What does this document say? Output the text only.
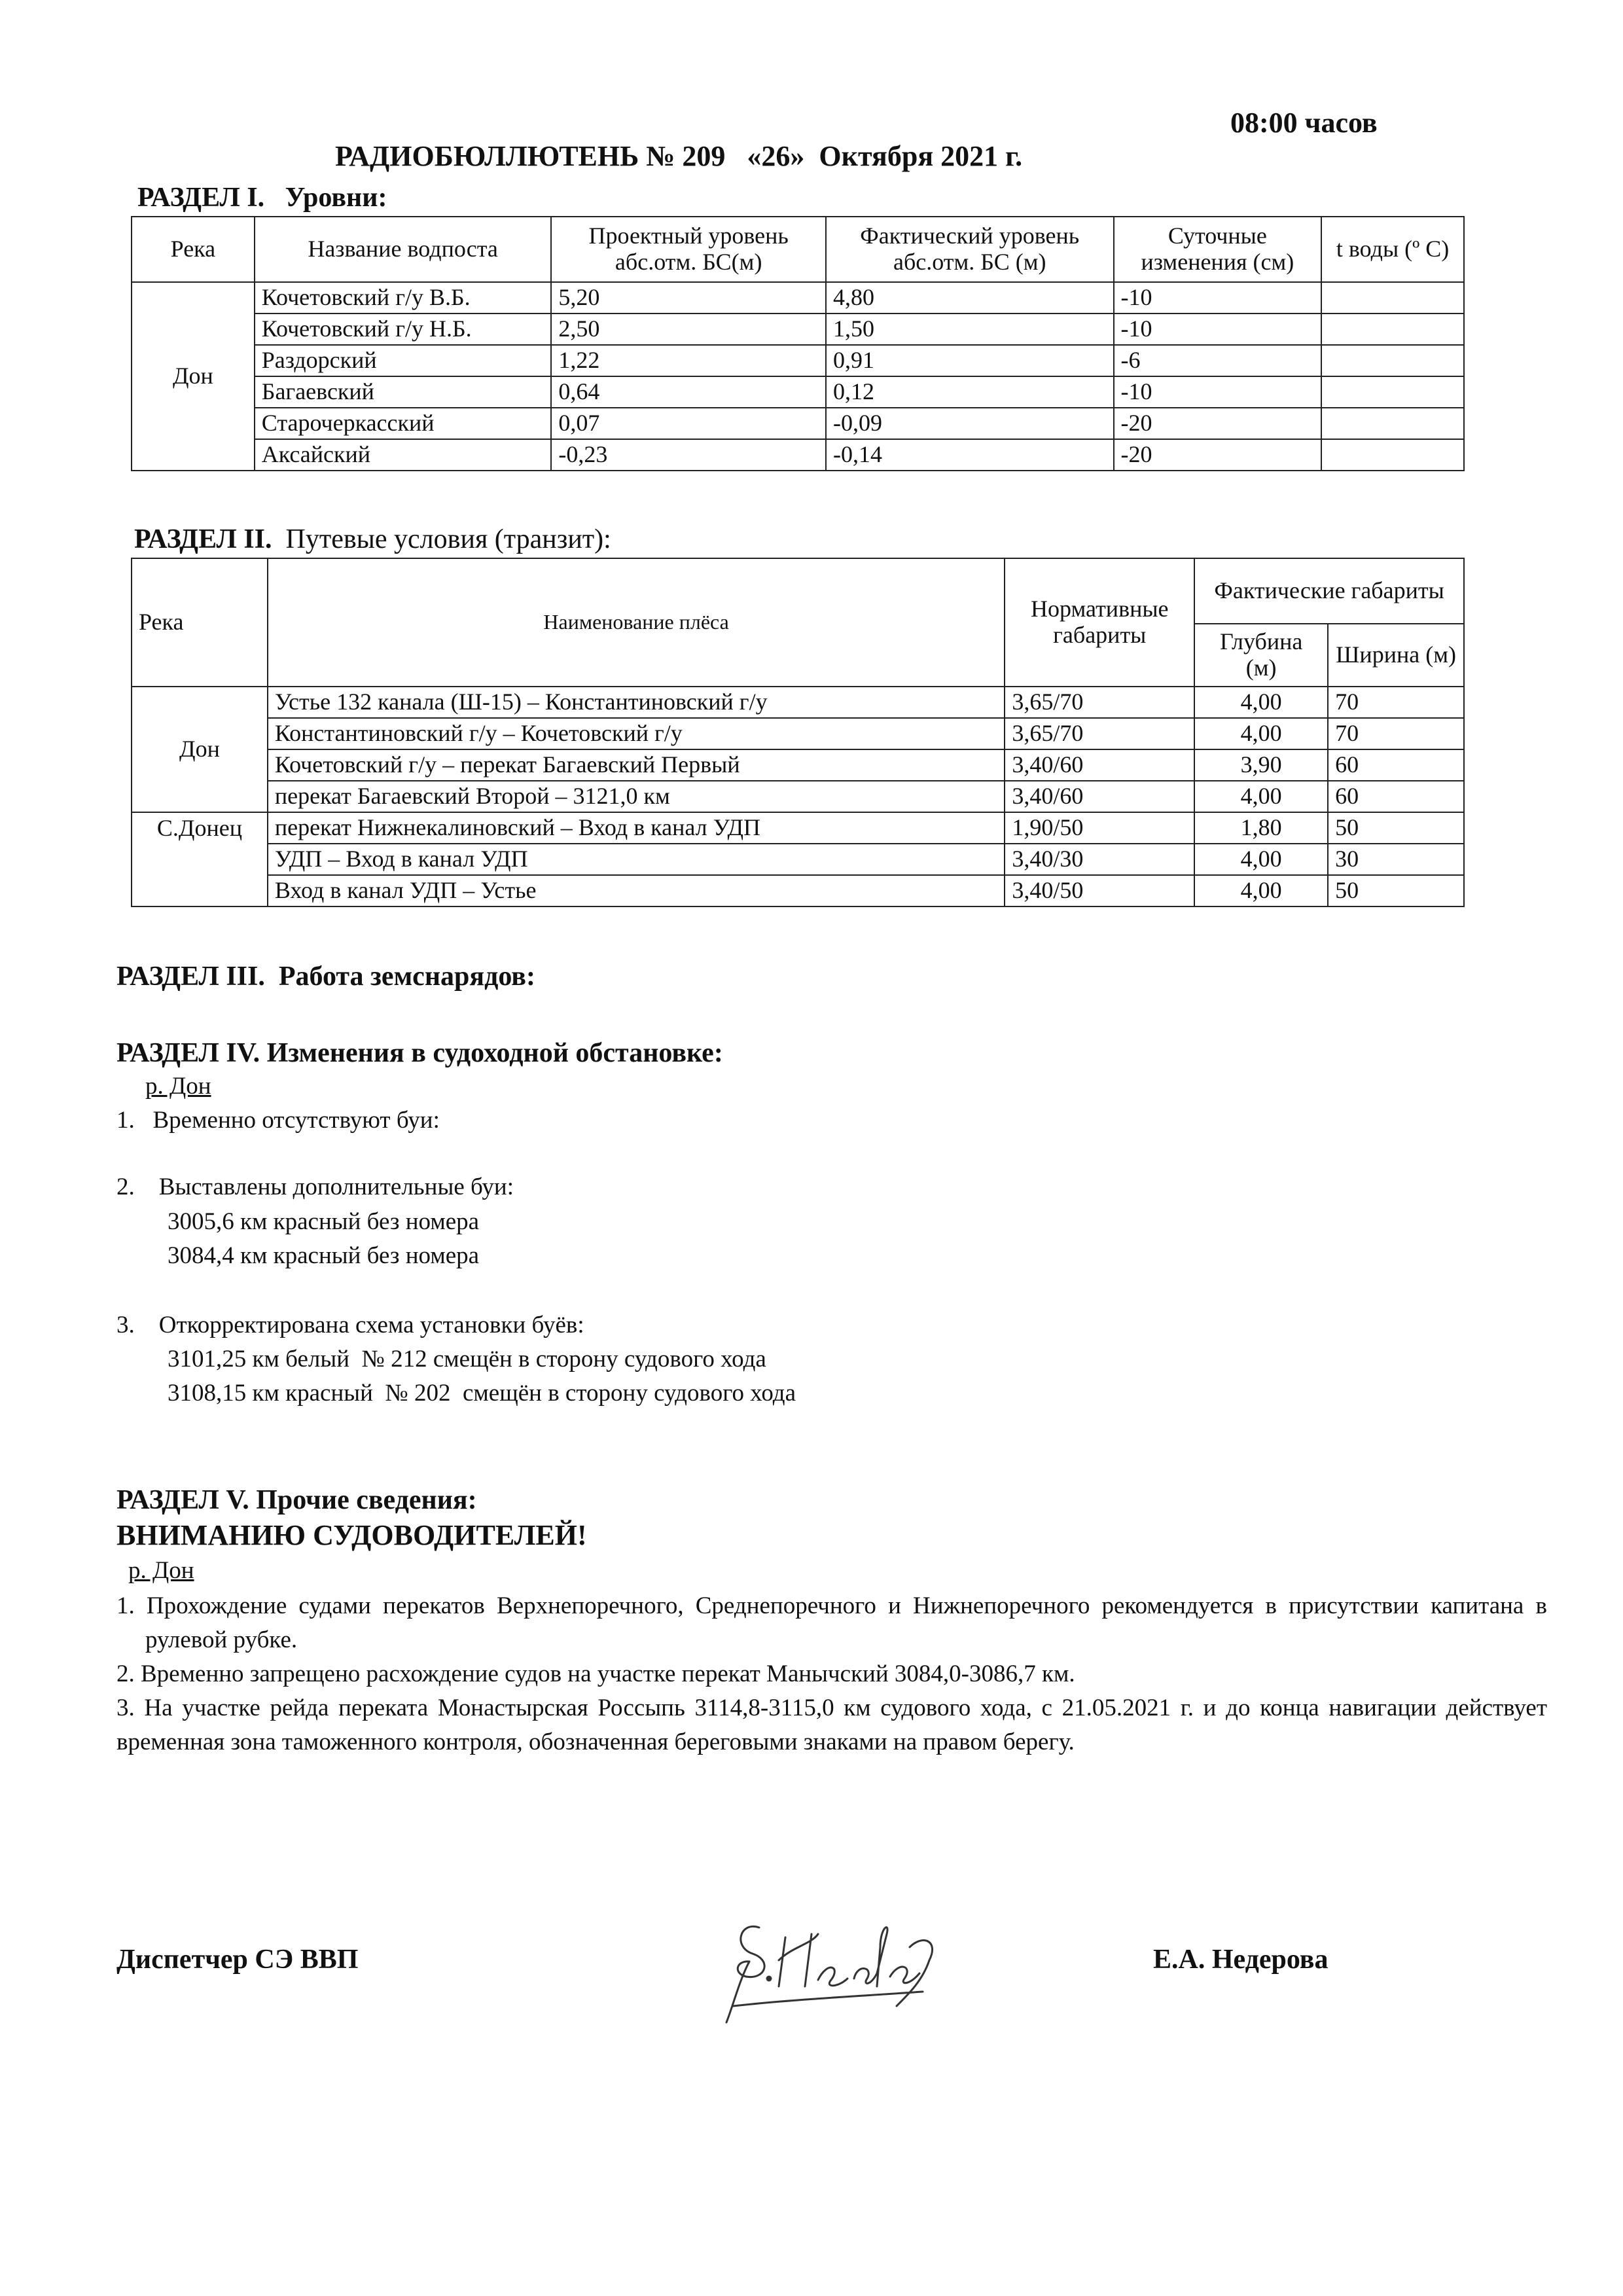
РАДИОБЮЛЛЮТЕНЬ № 209   «26»  Октября 2021 г.

08:00 часов

РАЗДЕЛ I.   Уровни:
Река	Название водпоста	Проектный уровень абс.отм. БС(м)	Фактический уровень абс.отм. БС (м)	Суточные изменения (см)	t воды (º С)
Дон	Кочетовский г/у В.Б.	5,20	4,80	-10	
	Кочетовский г/у Н.Б.	2,50	1,50	-10	
	Раздорский	1,22	0,91	-6	
	Багаевский	0,64	0,12	-10	
	Старочеркасский	0,07	-0,09	-20	
	Аксайский	-0,23	-0,14	-20	
РАЗДЕЛ II.  Путевые условия (транзит):
Река	Наименование плёса	Нормативные габариты	Фактические габариты	
			Глубина (м)	Ширина (м)
Дон	Устье 132 канала (Ш-15) – Константиновский г/у	3,65/70	4,00	70
	Константиновский г/у – Кочетовский г/у	3,65/70	4,00	70
	Кочетовский г/у – перекат Багаевский Первый	3,40/60	3,90	60
	перекат Багаевский Второй – 3121,0 км	3,40/60	4,00	60
С.Донец	перекат Нижнекалиновский – Вход в канал УДП	1,90/50	1,80	50
	УДП – Вход в канал УДП	3,40/30	4,00	30
	Вход в канал УДП – Устье	3,40/50	4,00	50
РАЗДЕЛ III.  Работа земснарядов:
РАЗДЕЛ IV. Изменения в судоходной обстановке:

р. Дон

1.   Временно отсутствуют буи:

2.    Выставлены дополнительные буи:

3005,6 км красный без номера

3084,4 км красный без номера

3.    Откорректирована схема установки буёв:

3101,25 км белый  № 212 смещён в сторону судового хода

3108,15 км красный  № 202  смещён в сторону судового хода

РАЗДЕЛ V. Прочие сведения:
ВНИМАНИЮ СУДОВОДИТЕЛЕЙ!

р. Дон

1. Прохождение судами перекатов Верхнепоречного, Среднепоречного и Нижнепоречного рекомендуется в присутствии капитана в рулевой рубке.

2. Временно запрещено расхождение судов на участке перекат Манычский 3084,0-3086,7 км.

3. На участке рейда переката Монастырская Россыпь 3114,8-3115,0 км судового хода, с 21.05.2021 г. и до конца навигации действует временная зона таможенного контроля, обозначенная береговыми знаками на правом берегу.

Диспетчер СЭ ВВП	Е.А. Недерова
